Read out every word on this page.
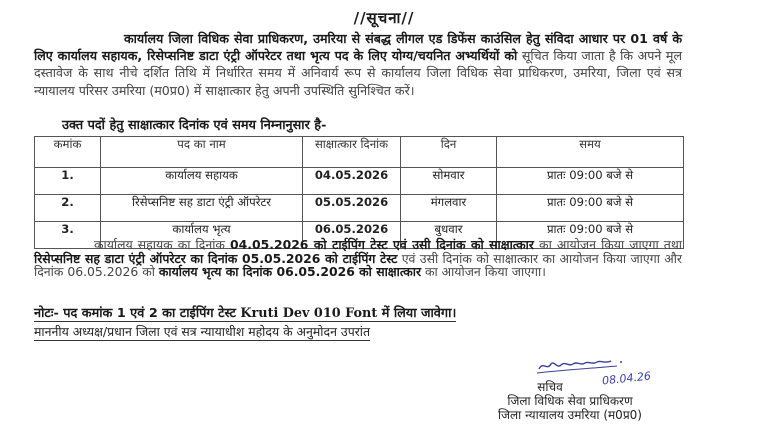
//सूचना//
कार्यालय जिला विधिक सेवा प्राधिकरण, उमरिया से संबद्ध लीगल एड डिफेंस काउंसिल हेतु संविदा आधार पर 01 वर्ष के लिए कार्यालय सहायक, रिसेप्सनिष्ट डाटा एंट्री ऑपरेटर तथा भृत्य पद के लिए योग्य/चयनित अभ्यर्थियों को सूचित किया जाता है कि अपने मूल दस्तावेज के साथ नीचे दर्शित तिथि में निर्धारित समय में अनिवार्य रूप से कार्यालय जिला विधिक सेवा प्राधिकरण, उमरिया, जिला एवं सत्र न्यायालय परिसर उमरिया (म0प्र0) में साक्षात्कार हेतु अपनी उपस्थिति सुनिश्चित करें।
उक्त पदों हेतु साक्षात्कार दिनांक एवं समय निम्नानुसार है-
कमांक	पद का नाम	साक्षात्कार दिनांक	दिन	समय
1.	कार्यालय सहायक	04.05.2026	सोमवार	प्रातः 09:00 बजे से
2.	रिसेप्सनिष्ट सह डाटा एंट्री ऑपरेटर	05.05.2026	मंगलवार	प्रातः 09:00 बजे से
3.	कार्यालय भृत्य	06.05.2026	बुधवार	प्रातः 09:00 बजे से
कार्यालय सहायक का दिनांक 04.05.2026 को टाईपिंग टेस्ट एवं उसी दिनांक को साक्षात्कार का आयोजन किया जाएगा तथा रिसेप्सनिष्ट सह डाटा एंट्री ऑपरेटर का दिनांक 05.05.2026 को टाईपिंग टेस्ट एवं उसी दिनांक को साक्षात्कार का आयोजन किया जाएगा और दिनांक 06.05.2026 को कार्यालय भृत्य का दिनांक 06.05.2026 को साक्षात्कार का आयोजन किया जाएगा।
नोटः- पद कमांक 1 एवं 2 का टाईपिंग टेस्ट Kruti Dev 010 Font में लिया जावेगा।
माननीय अध्यक्ष/प्रधान जिला एवं सत्र न्यायाधीश महोदय के अनुमोदन उपरांत
08.04.26
सचिव
जिला विधिक सेवा प्राधिकरण
जिला न्यायालय उमरिया (म0प्र0)
